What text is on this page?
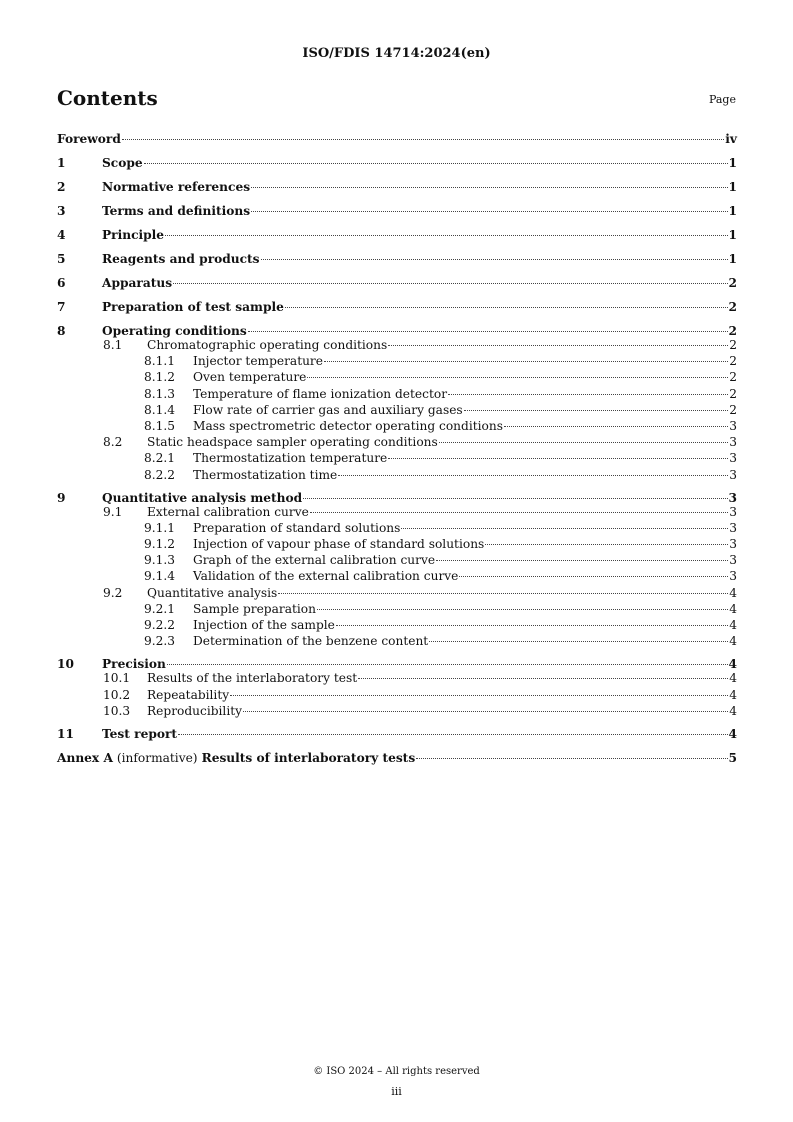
ISO/FDIS 14714:2024(en)
Contents	Page
Foreword	iv
1	Scope	1
2	Normative references	1
3	Terms and definitions	1
4	Principle	1
5	Reagents and products	1
6	Apparatus	2
7	Preparation of test sample	2
8	Operating conditions	2
8.1	Chromatographic operating conditions	2
8.1.1	Injector temperature	2
8.1.2	Oven temperature	2
8.1.3	Temperature of flame ionization detector	2
8.1.4	Flow rate of carrier gas and auxiliary gases	2
8.1.5	Mass spectrometric detector operating conditions	3
8.2	Static headspace sampler operating conditions	3
8.2.1	Thermostatization temperature	3
8.2.2	Thermostatization time	3
9	Quantitative analysis method	3
9.1	External calibration curve	3
9.1.1	Preparation of standard solutions	3
9.1.2	Injection of vapour phase of standard solutions	3
9.1.3	Graph of the external calibration curve	3
9.1.4	Validation of the external calibration curve	3
9.2	Quantitative analysis	4
9.2.1	Sample preparation	4
9.2.2	Injection of the sample	4
9.2.3	Determination of the benzene content	4
10	Precision	4
10.1	Results of the interlaboratory test	4
10.2	Repeatability	4
10.3	Reproducibility	4
11	Test report	4
Annex A (informative) Results of interlaboratory tests	5
© ISO 2024 – All rights reserved
iii
